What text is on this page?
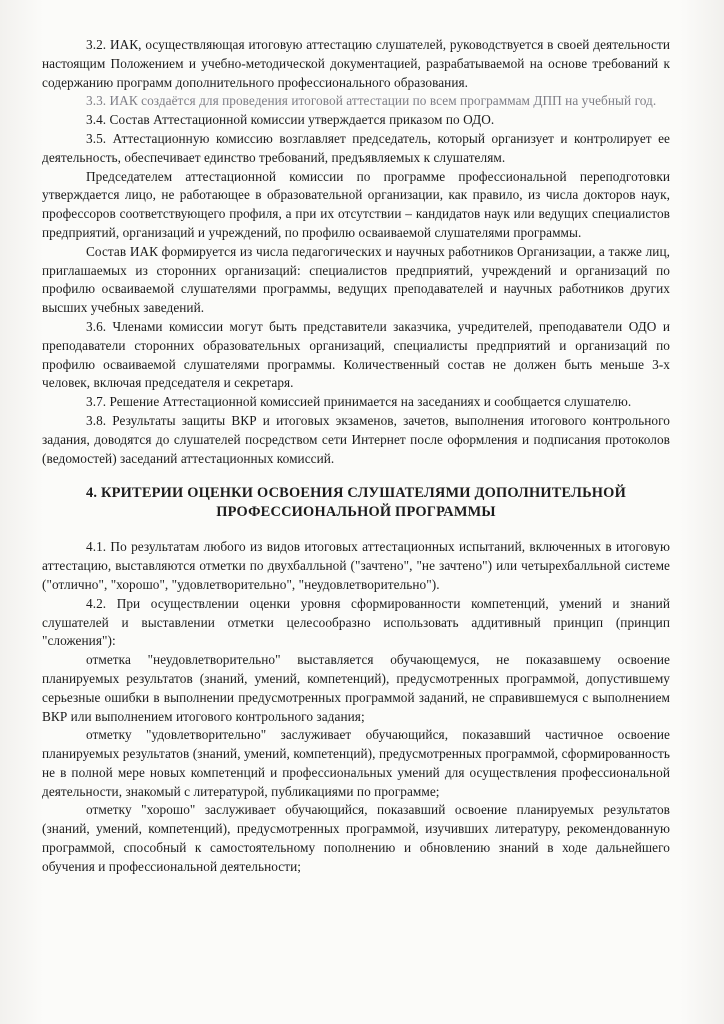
3.2. ИАК, осуществляющая итоговую аттестацию слушателей, руководствуется в своей деятельности настоящим Положением и учебно-методической документацией, разрабатываемой на основе требований к содержанию программ дополнительного профессионального образования.

3.3. ИАК создаётся для проведения итоговой аттестации по всем программам ДПП на учебный год.

3.4. Состав Аттестационной комиссии утверждается приказом по ОДО.

3.5. Аттестационную комиссию возглавляет председатель, который организует и контролирует ее деятельность, обеспечивает единство требований, предъявляемых к слушателям.

Председателем аттестационной комиссии по программе профессиональной переподготовки утверждается лицо, не работающее в образовательной организации, как правило, из числа докторов наук, профессоров соответствующего профиля, а при их отсутствии – кандидатов наук или ведущих специалистов предприятий, организаций и учреждений, по профилю осваиваемой слушателями программы.

Состав ИАК формируется из числа педагогических и научных работников Организации, а также лиц, приглашаемых из сторонних организаций: специалистов предприятий, учреждений и организаций по профилю осваиваемой слушателями программы, ведущих преподавателей и научных работников других высших учебных заведений.

3.6. Членами комиссии могут быть представители заказчика, учредителей, преподаватели ОДО и преподаватели сторонних образовательных организаций, специалисты предприятий и организаций по профилю осваиваемой слушателями программы. Количественный состав не должен быть меньше 3-х человек, включая председателя и секретаря.

3.7. Решение Аттестационной комиссией принимается на заседаниях и сообщается слушателю.

3.8. Результаты защиты ВКР и итоговых экзаменов, зачетов, выполнения итогового контрольного задания, доводятся до слушателей посредством сети Интернет после оформления и подписания протоколов (ведомостей) заседаний аттестационных комиссий.

4. КРИТЕРИИ ОЦЕНКИ ОСВОЕНИЯ СЛУШАТЕЛЯМИ ДОПОЛНИТЕЛЬНОЙ
ПРОФЕССИОНАЛЬНОЙ ПРОГРАММЫ

4.1. По результатам любого из видов итоговых аттестационных испытаний, включенных в итоговую аттестацию, выставляются отметки по двухбалльной ("зачтено", "не зачтено") или четырехбалльной системе ("отлично", "хорошо", "удовлетворительно", "неудовлетворительно").

4.2. При осуществлении оценки уровня сформированности компетенций, умений и знаний слушателей и выставлении отметки целесообразно использовать аддитивный принцип (принцип "сложения"):

отметка "неудовлетворительно" выставляется обучающемуся, не показавшему освоение планируемых результатов (знаний, умений, компетенций), предусмотренных программой, допустившему серьезные ошибки в выполнении предусмотренных программой заданий, не справившемуся с выполнением ВКР или выполнением итогового контрольного задания;

отметку "удовлетворительно" заслуживает обучающийся, показавший частичное освоение планируемых результатов (знаний, умений, компетенций), предусмотренных программой, сформированность не в полной мере новых компетенций и профессиональных умений для осуществления профессиональной деятельности, знакомый с литературой, публикациями по программе;

отметку "хорошо" заслуживает обучающийся, показавший освоение планируемых результатов (знаний, умений, компетенций), предусмотренных программой, изучивших литературу, рекомендованную программой, способный к самостоятельному пополнению и обновлению знаний в ходе дальнейшего обучения и профессиональной деятельности;
